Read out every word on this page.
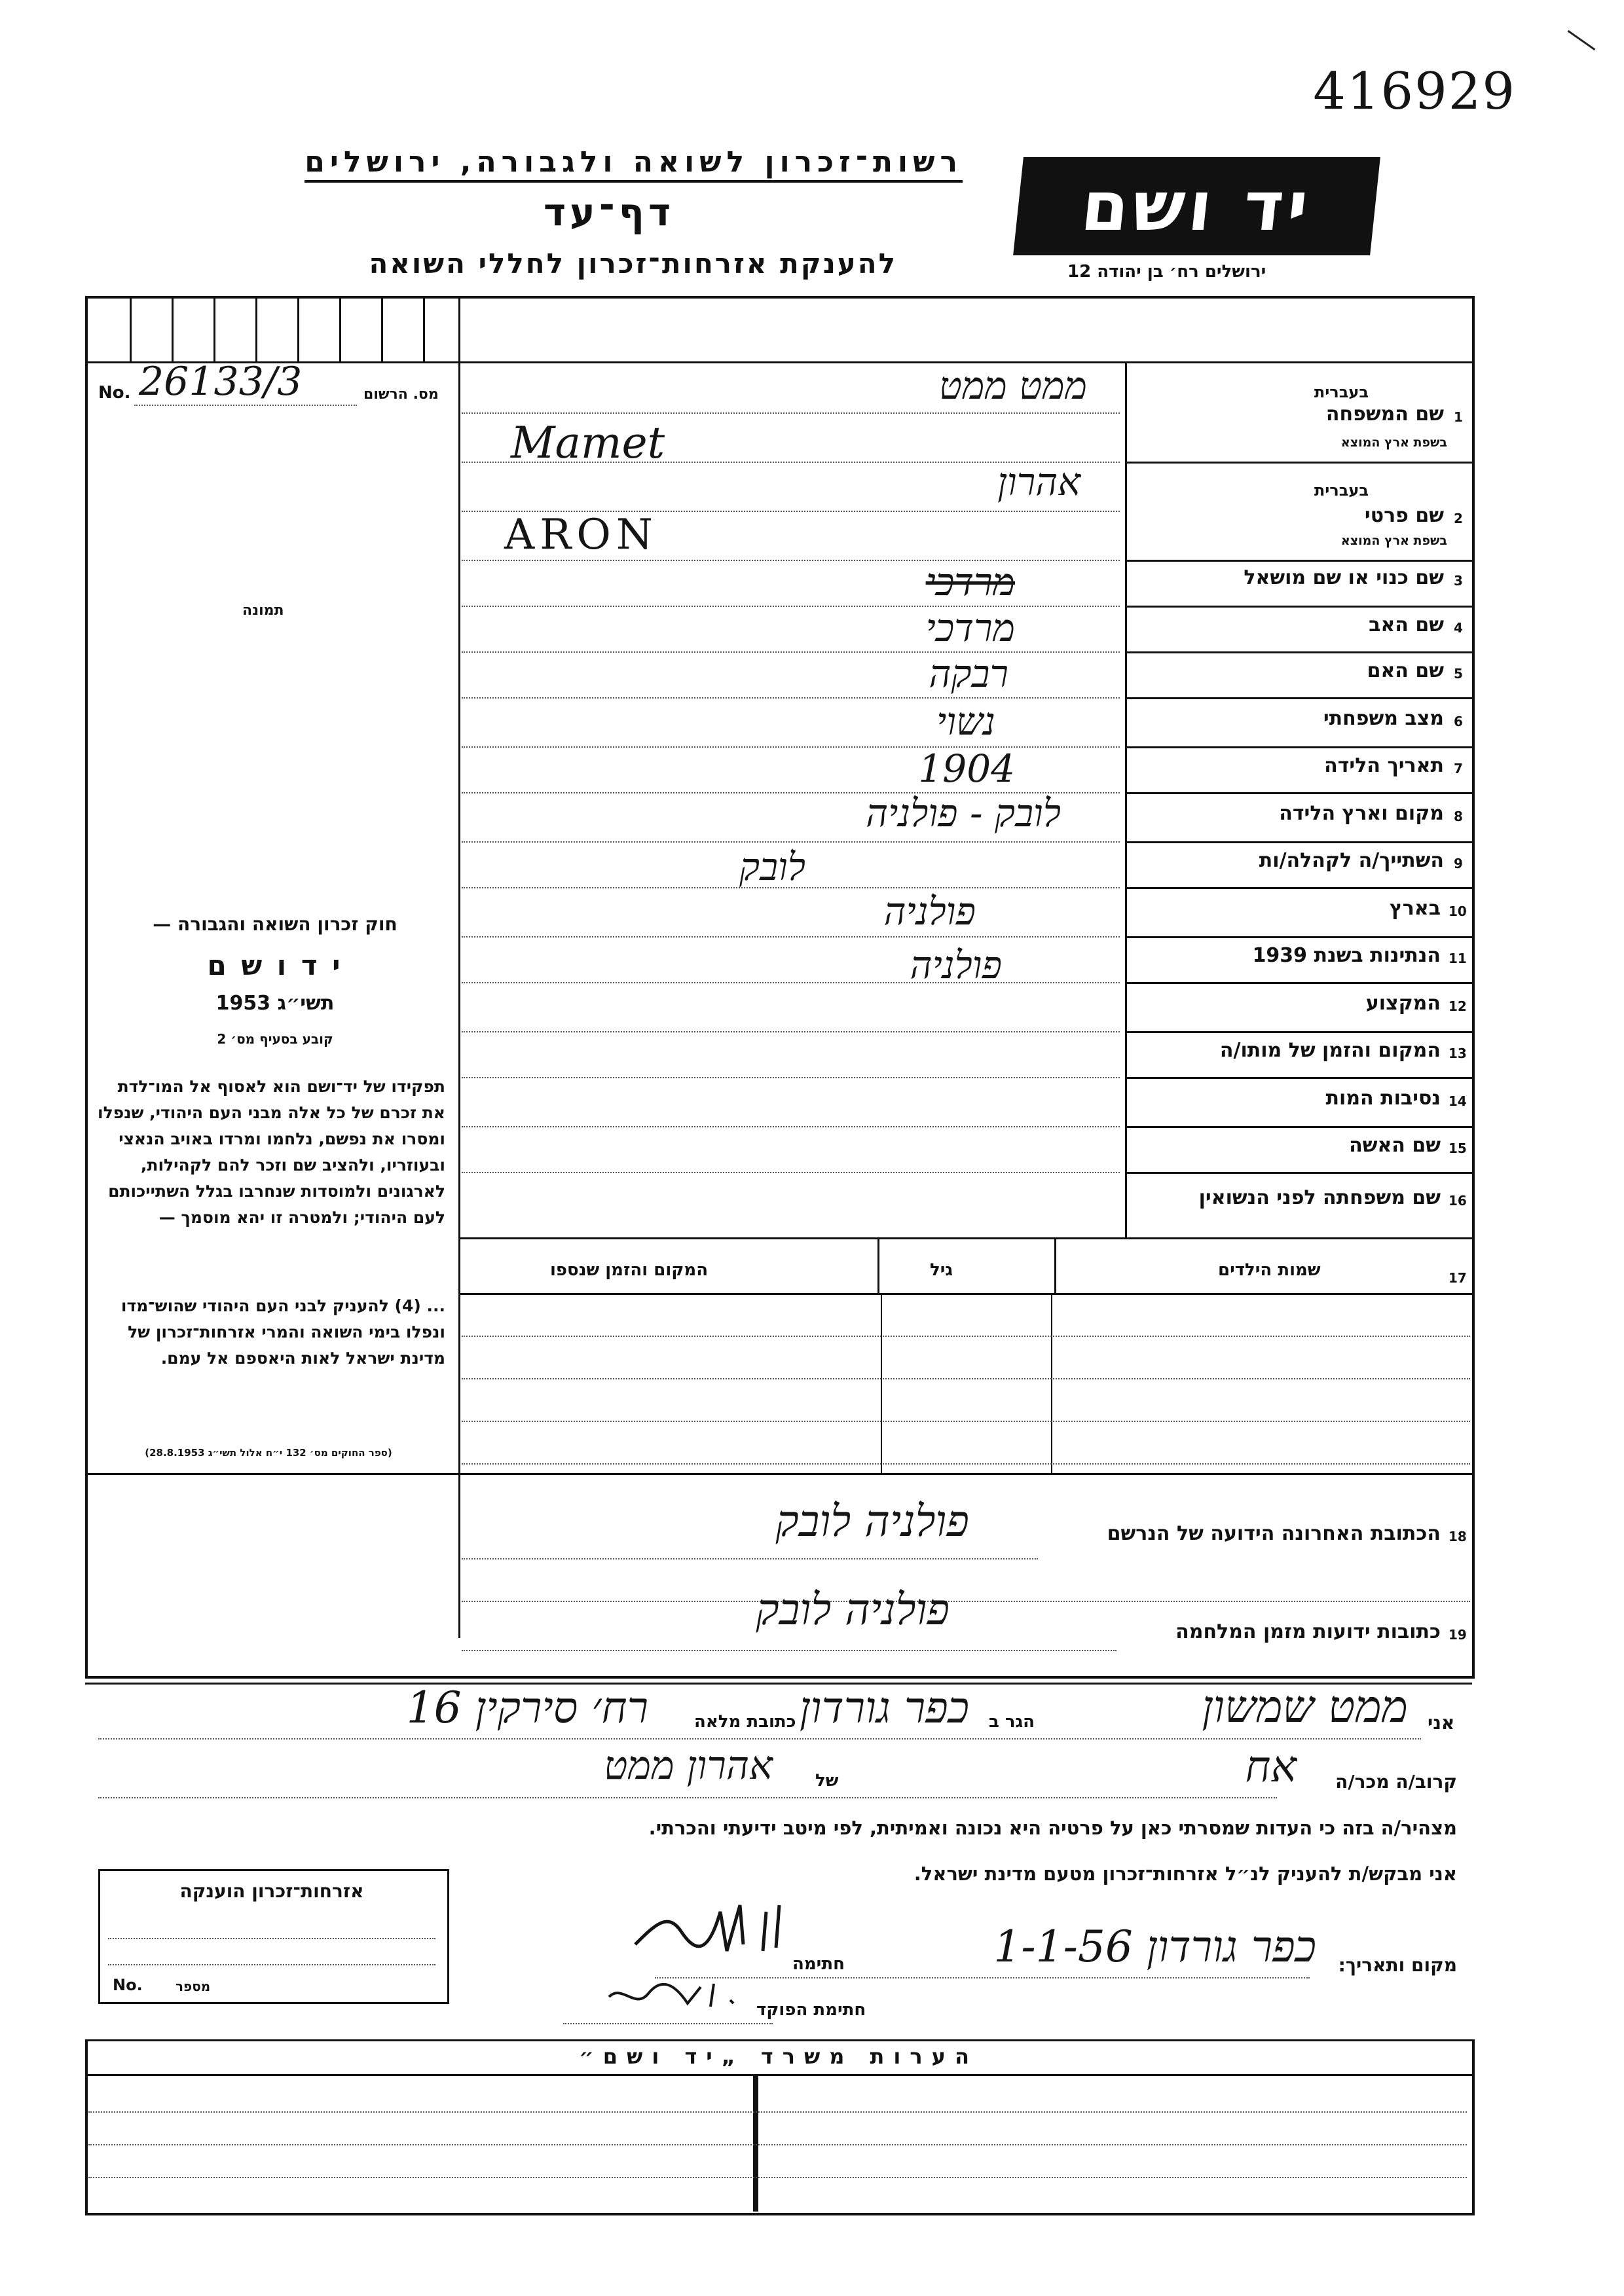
416929
רשות־זכרון לשואה ולגבורה, ירושלים
דף־עד
להענקת אזרחות־זכרון לחללי השואה
יד ושם
ירושלים רח׳ בן יהודה 12
No. 26133/3	מס. הרשום
תמונה
חוק זכרון השואה והגבורה —
י ד ו ש ם
תשי״ג 1953
קובע בסעיף מס׳ 2
תפקידו של יד־ושם הוא לאסוף אל המו־לדת את זכרם של כל אלה מבני העם היהודי, שנפלו ומסרו את נפשם, נלחמו ומרדו באויב הנאצי ובעוזריו, ולהציב שם וזכר להם לקהילות, לארגונים ולמוסדות שנחרבו בגלל השתייכותם לעם היהודי; ולמטרה זו יהא מוסמך —
... (4) להעניק לבני העם היהודי שהוש־מדו ונפלו בימי השואה והמרי אזרחות־זכרון של מדינת ישראל לאות היאספם אל עמם.
(ספר החוקים מס׳ 132 י״ח אלול תשי״ג 28.8.1953)
1
שם המשפחה
בעברית
בשפת ארץ המוצא
ממט ממט
Mamet
2
שם פרטי
בעברית
בשפת ארץ המוצא
אהרון
ARON
3
שם כנוי או שם מושאל
מרדכי
4
שם האב
מרדכי
5
שם האם
רבקה
6
מצב משפחתי
נשוי
7
תאריך הלידה
1904
8
מקום וארץ הלידה
לובק - פולניה
9
השתייך/ה לקהלה/ות
לובק
10
בארץ
פולניה
11
הנתינות בשנת 1939
פולניה
12
המקצוע
13
המקום והזמן של מותו/ה
14
נסיבות המות
15
שם האשה
16
שם משפחתה לפני הנשואין
17
שמות הילדים
גיל
המקום והזמן שנספו
18
הכתובת האחרונה הידועה של הנרשם
פולניה לובק
19
כתובות ידועות מזמן המלחמה
פולניה לובק
אני
ממט שמשון
הגר ב
כפר גורדון
כתובת מלאה
רח׳ סירקין 16
קרוב/ה מכר/ה
אח
של
אהרון ממט
מצהיר/ה בזה כי העדות שמסרתי כאן על פרטיה היא נכונה ואמיתית, לפי מיטב ידיעתי והכרתי.
אני מבקש/ת להעניק לנ״ל אזרחות־זכרון מטעם מדינת ישראל.
מקום ותאריך:
כפר גורדון 1-1-56
חתימה
חתימת הפוקד
אזרחות־זכרון הוענקה
No.	מספר
הערות משרד „יד ושם״
